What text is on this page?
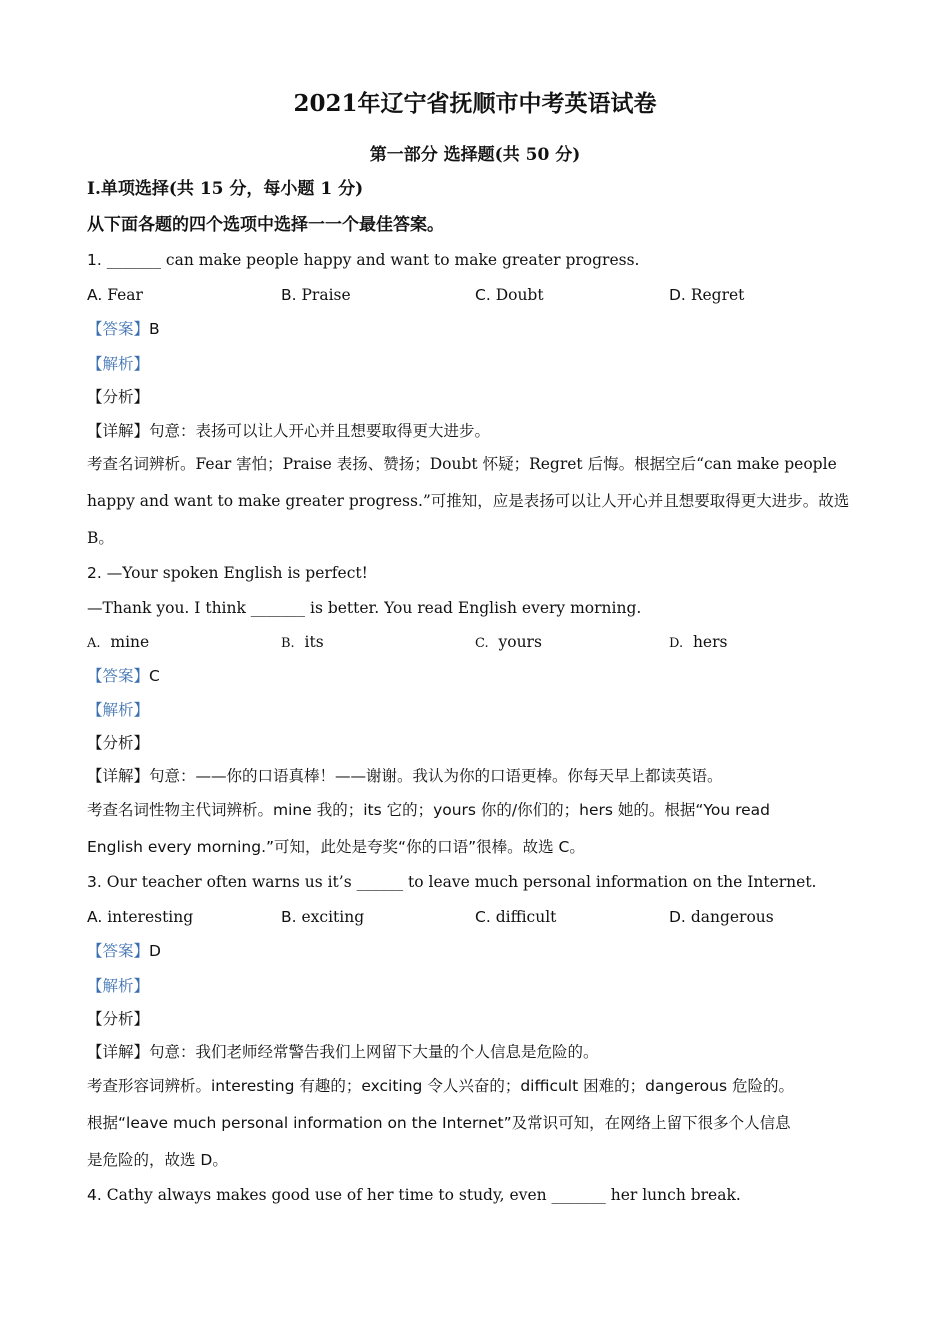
2021年辽宁省抚顺市中考英语试卷
第一部分 选择题(共 50 分)
Ⅰ.单项选择(共 15 分，每小题 1 分)
从下面各题的四个选项中选择一一个最佳答案。
1. _______ can make people happy and want to make greater progress.
A. Fear	B. Praise	C. Doubt	D. Regret
【答案】B
【解析】
【分析】
【详解】句意：表扬可以让人开心并且想要取得更大进步。
考查名词辨析。Fear 害怕；Praise 表扬、赞扬；Doubt 怀疑；Regret 后悔。根据空后“can make people
happy and want to make greater progress.”可推知，应是表扬可以让人开心并且想要取得更大进步。故选
B。
2. —Your spoken English is perfect!
—Thank you. I think _______ is better. You read English every morning.
A. mine	B. its	C. yours	D. hers
【答案】C
【解析】
【分析】
【详解】句意：——你的口语真棒！——谢谢。我认为你的口语更棒。你每天早上都读英语。
考查名词性物主代词辨析。mine 我的；its 它的；yours 你的/你们的；hers 她的。根据“You read
English every morning.”可知，此处是夸奖“你的口语”很棒。故选 C。
3. Our teacher often warns us it’s ______ to leave much personal information on the Internet.
A. interesting	B. exciting	C. difficult	D. dangerous
【答案】D
【解析】
【分析】
【详解】句意：我们老师经常警告我们上网留下大量的个人信息是危险的。
考查形容词辨析。interesting 有趣的；exciting 令人兴奋的；difficult 困难的；dangerous 危险的。
根据“leave much personal information on the Internet”及常识可知，在网络上留下很多个人信息
是危险的，故选 D。
4. Cathy always makes good use of her time to study, even _______ her lunch break.
